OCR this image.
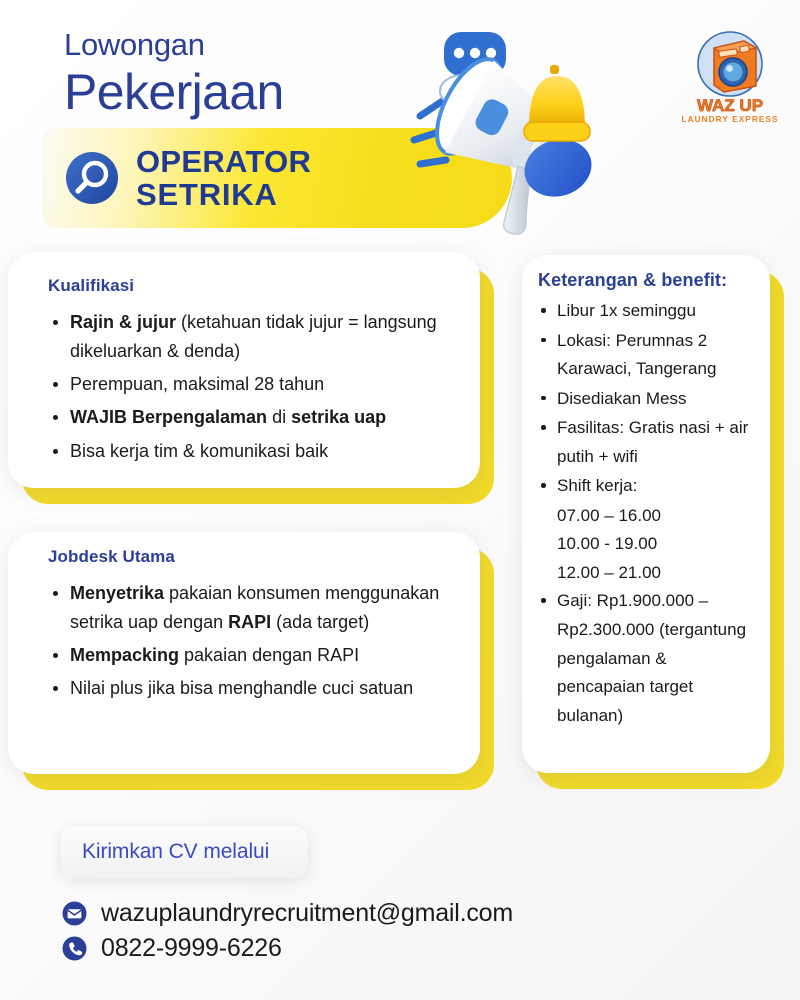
Lowongan
Pekerjaan	WAZ UP
LAUNDRY EXPRESS
OPERATOR
SETRIKA
Kualifikasi
Rajin & jujur (ketahuan tidak jujur = langsung dikeluarkan & denda)
Perempuan, maksimal 28 tahun
WAJIB Berpengalaman di setrika uap
Bisa kerja tim & komunikasi baik
Jobdesk Utama
Menyetrika pakaian konsumen menggunakan setrika uap dengan RAPI (ada target)
Mempacking pakaian dengan RAPI
Nilai plus jika bisa menghandle cuci satuan
Keterangan & benefit:
Libur 1x seminggu
Lokasi: Perumnas 2 Karawaci, Tangerang
Disediakan Mess
Fasilitas: Gratis nasi + air putih + wifi
Shift kerja:
07.00 – 16.00
10.00 - 19.00
12.00 – 21.00
Gaji: Rp1.900.000 – Rp2.300.000 (tergantung pengalaman & pencapaian target bulanan)
Kirimkan CV melalui
wazuplaundryrecruitment@gmail.com
0822-9999-6226
